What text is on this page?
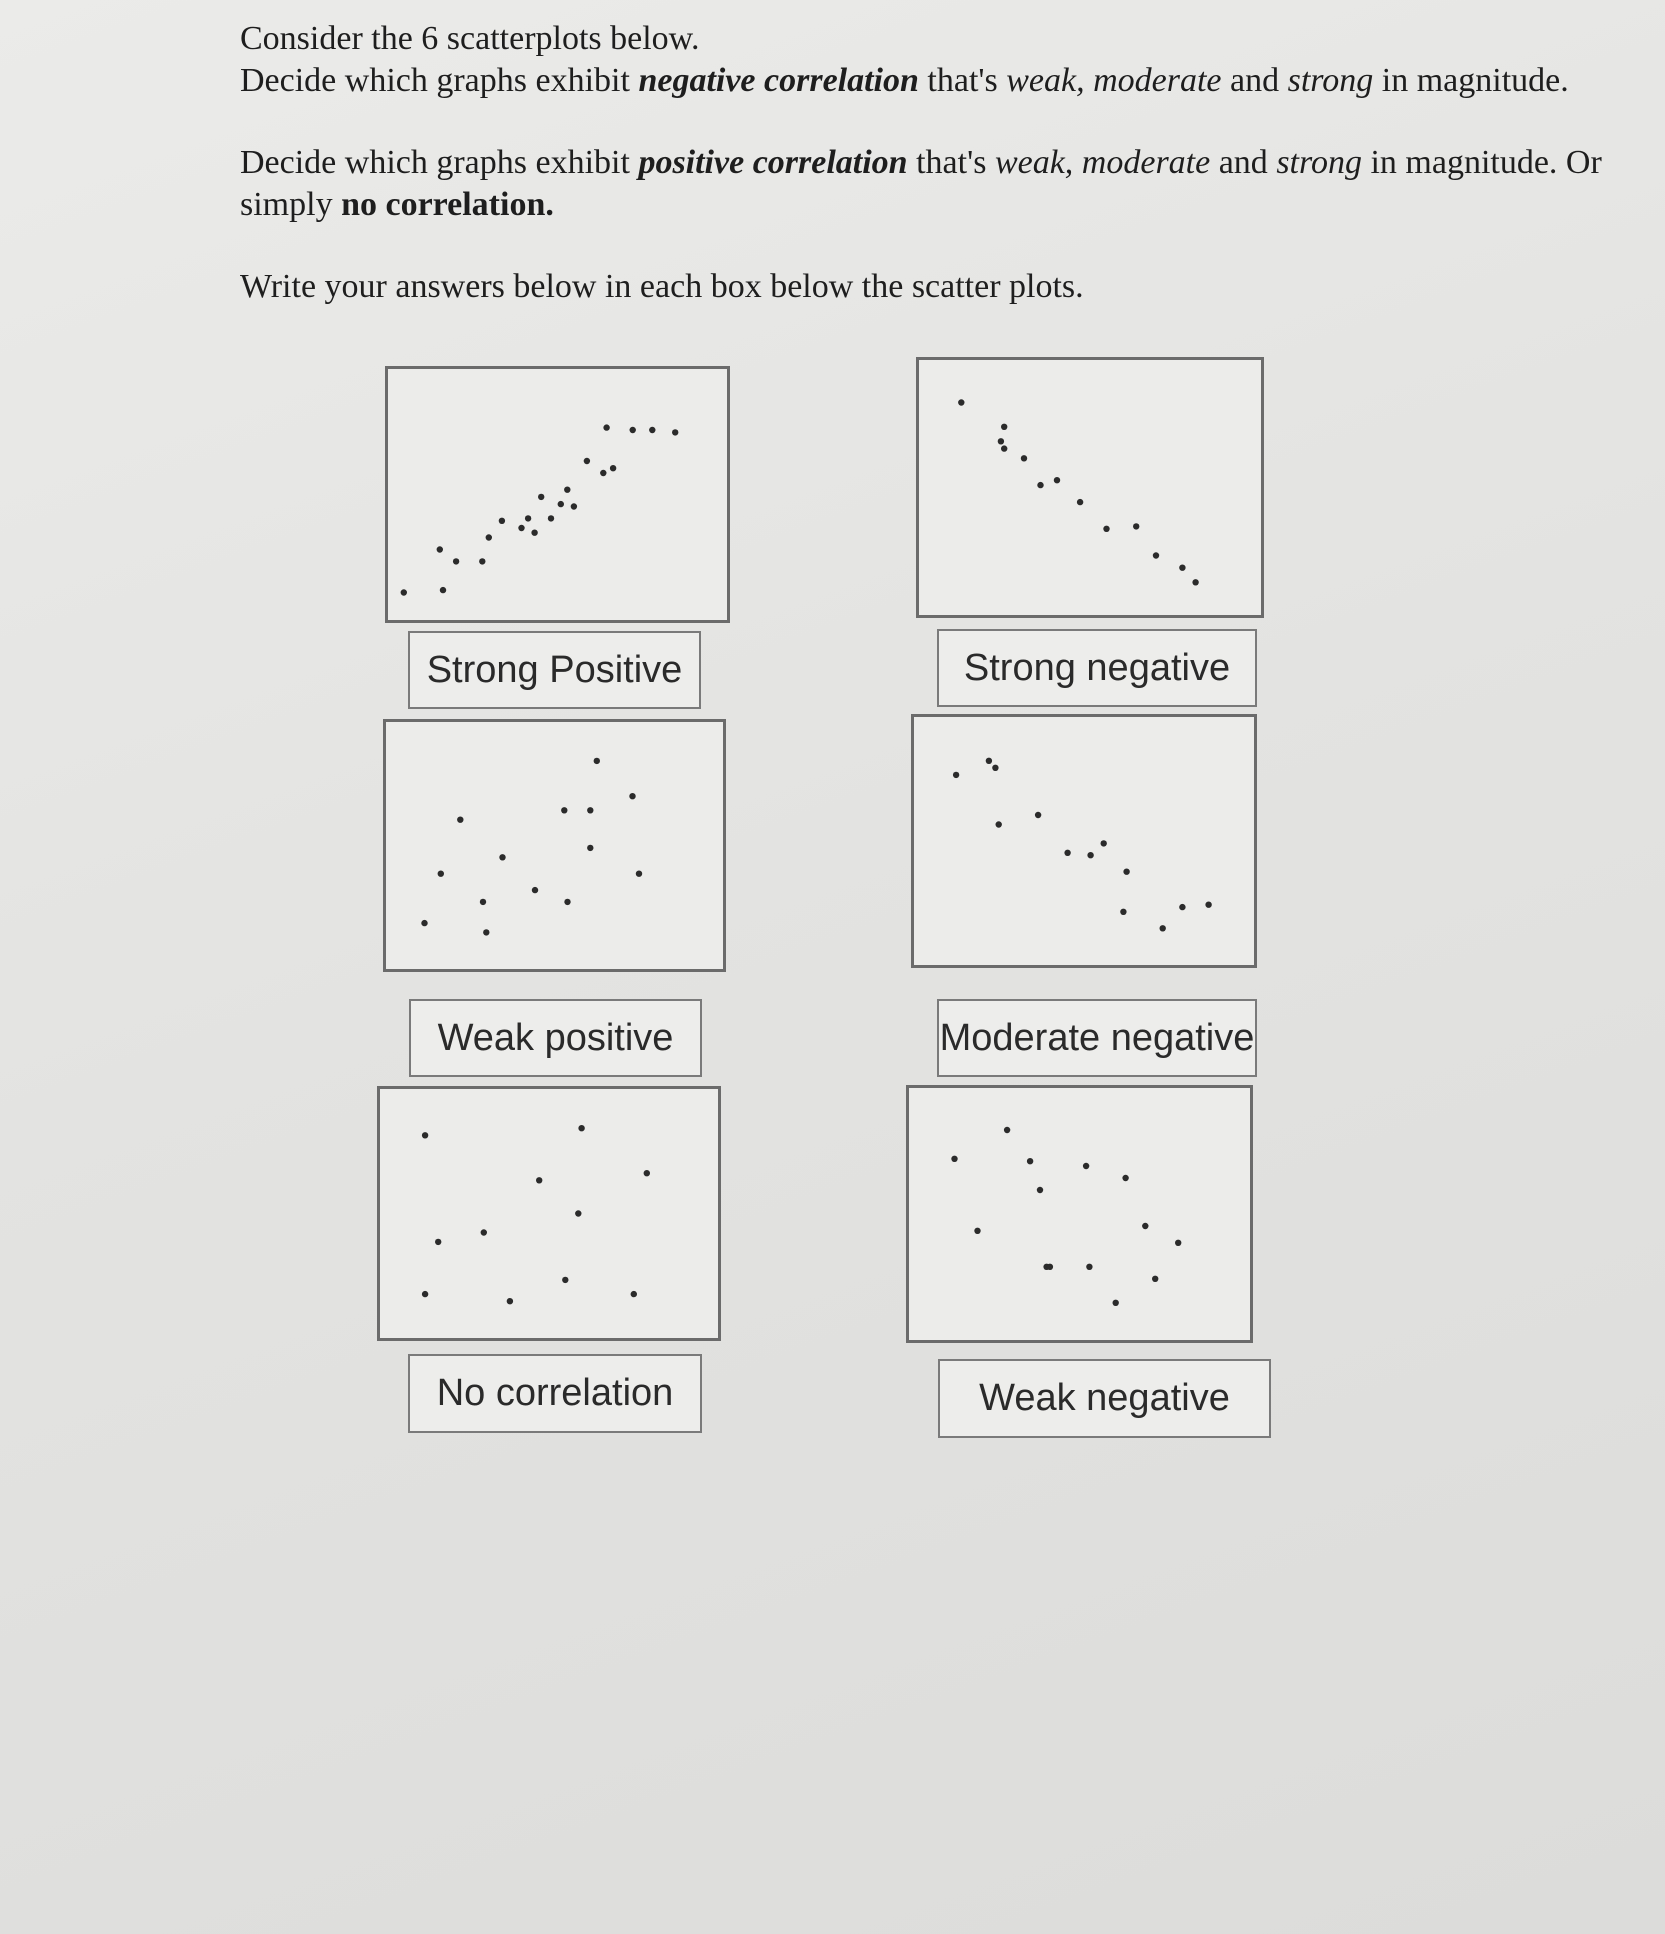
Consider the 6 scatterplots below.

Decide which graphs exhibit negative correlation that's weak, moderate and strong in magnitude.

Decide which graphs exhibit positive correlation that's weak, moderate and strong in magnitude. Or simply no correlation.

Write your answers below in each box below the scatter plots.

Strong Positive	Strong negative
Weak positive	Moderate negative
No correlation	Weak negative
